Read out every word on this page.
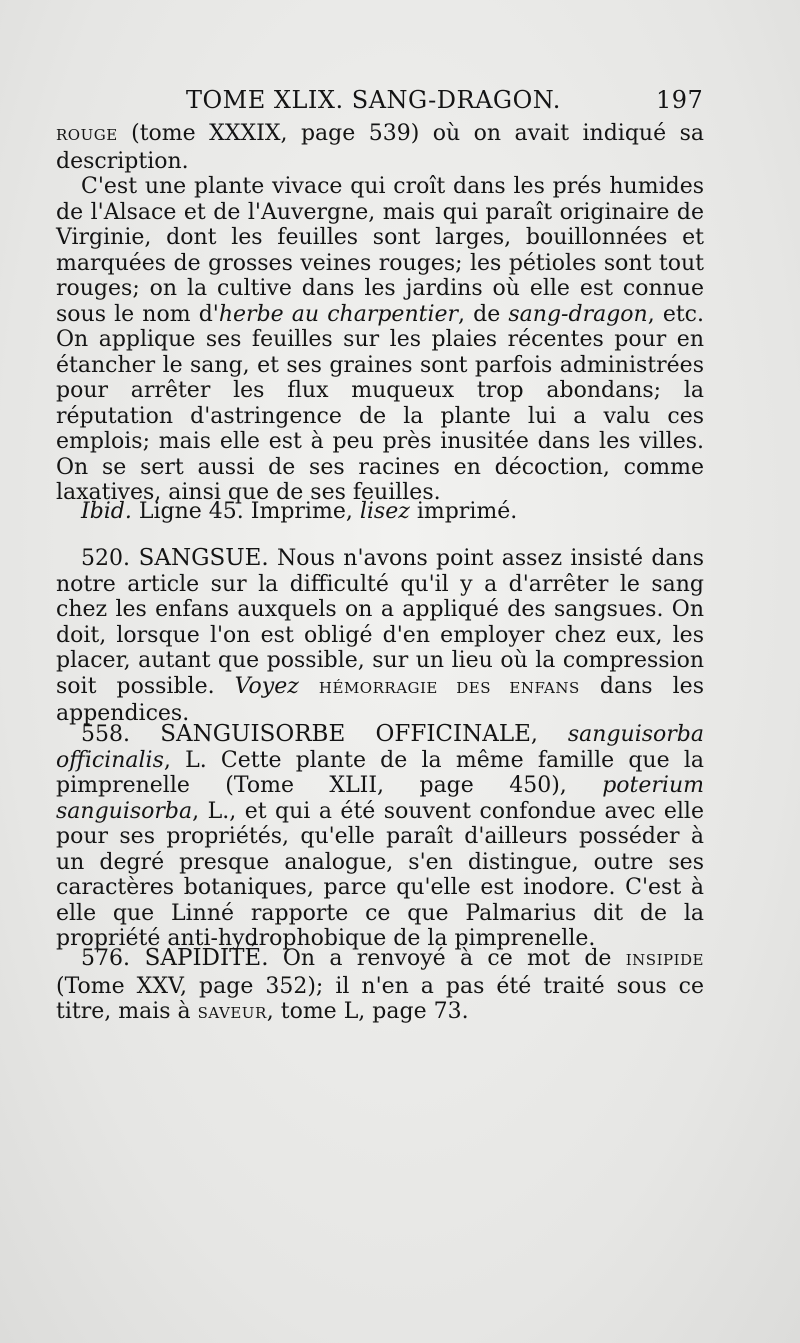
TOME XLIX. SANG-DRAGON.	197

ROUGE (tome XXXIX, page 539) où on avait indiqué sa description.

C'est une plante vivace qui croît dans les prés humides de l'Alsace et de l'Auvergne, mais qui paraît originaire de Virginie, dont les feuilles sont larges, bouillonnées et marquées de grosses veines rouges; les pétioles sont tout rouges; on la cultive dans les jardins où elle est connue sous le nom d'herbe au charpentier, de sang-dragon, etc. On applique ses feuilles sur les plaies récentes pour en étancher le sang, et ses graines sont parfois administrées pour arrêter les flux muqueux trop abondans; la réputation d'astringence de la plante lui a valu ces emplois; mais elle est à peu près inusitée dans les villes. On se sert aussi de ses racines en décoction, comme laxatives, ainsi que de ses feuilles.

Ibid. Ligne 45. Imprime, lisez imprimé.

520. SANGSUE. Nous n'avons point assez insisté dans notre article sur la difficulté qu'il y a d'arrêter le sang chez les enfans auxquels on a appliqué des sangsues. On doit, lorsque l'on est obligé d'en employer chez eux, les placer, autant que possible, sur un lieu où la compression soit possible. Voyez HÉMORRAGIE DES ENFANS dans les appendices.

558. SANGUISORBE OFFICINALE, sanguisorba officinalis, L. Cette plante de la même famille que la pimprenelle (Tome XLII, page 450), poterium sanguisorba, L., et qui a été souvent confondue avec elle pour ses propriétés, qu'elle paraît d'ailleurs posséder à un degré presque analogue, s'en distingue, outre ses caractères botaniques, parce qu'elle est inodore. C'est à elle que Linné rapporte ce que Palmarius dit de la propriété anti-hydrophobique de la pimprenelle.

576. SAPIDITÉ. On a renvoyé à ce mot de INSIPIDE (Tome XXV, page 352); il n'en a pas été traité sous ce titre, mais à SAVEUR, tome L, page 73.
